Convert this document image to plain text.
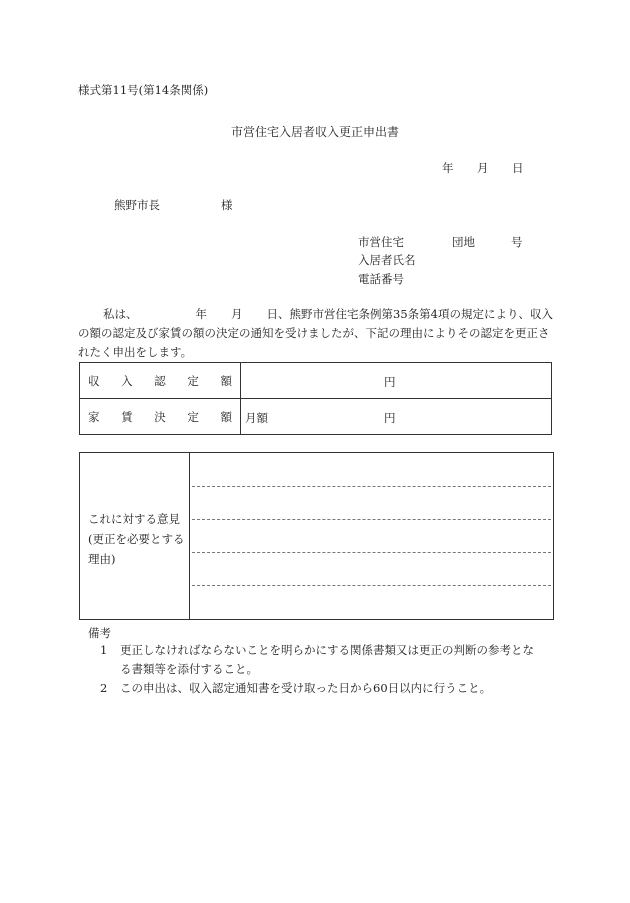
様式第11号(第14条関係)
市営住宅入居者収入更正申出書
年 月 日
熊野市長	様
市営住宅	団地	号
入居者氏名
電話番号
私は、	年 月 日、熊野市営住宅条例第35条第4項の規定により、収入の額の認定及び家賃の額の決定の通知を受けましたが、下記の理由によりその認定を更正されたく申出をします。
収 入 認 定 額	円

家 賃 決 定 額	月額 円
これに対する意見(更正を必要とする理由)
備考
1 更正しなければならないことを明らかにする関係書類又は更正の判断の参考とな
る書類等を添付すること。
2 この申出は、収入認定通知書を受け取った日から60日以内に行うこと。
